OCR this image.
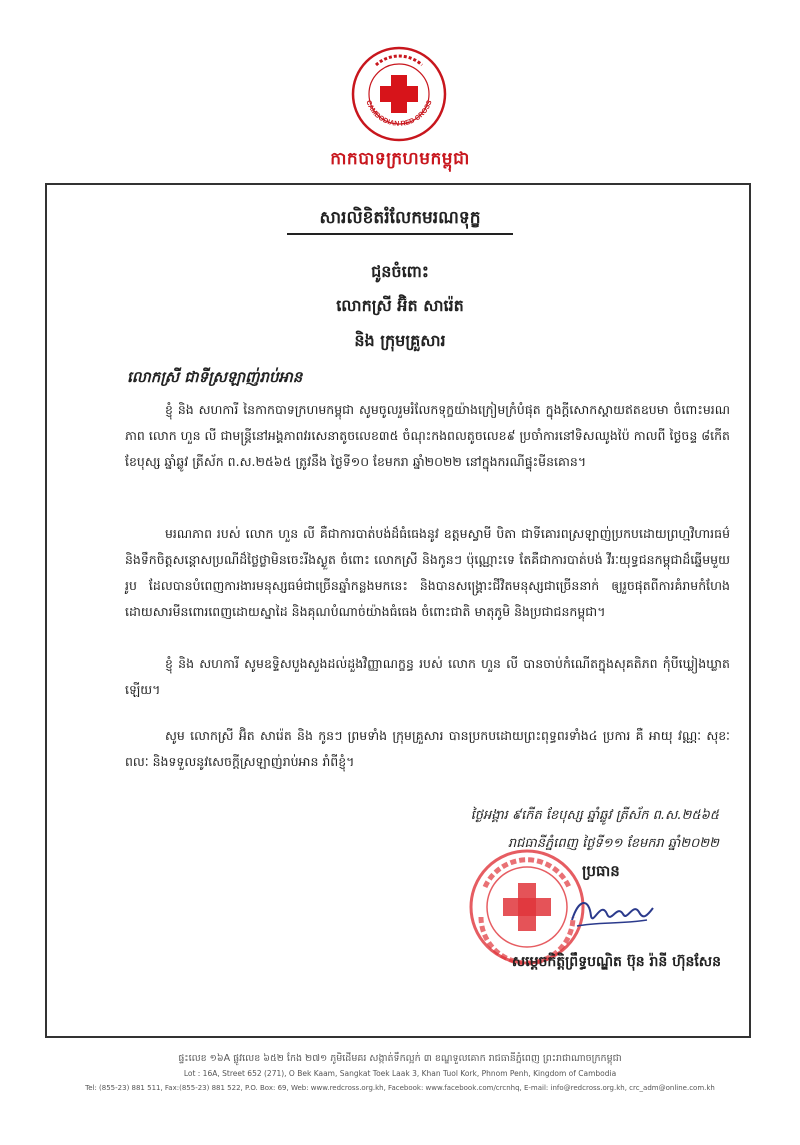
CAMBODIAN RED CROSS
កាកបាទក្រហមកម្ពុជា
សារលិខិតរំលែកមរណទុក្ខ
ជូនចំពោះ
លោកស្រី អ៊ិត សារ៉េត
និង ក្រុមគ្រួសារ
លោកស្រី ជាទីស្រឡាញ់រាប់អាន

ខ្ញុំ និង សហការី នៃកាកបាទក្រហមកម្ពុជា សូមចូលរួមរំលែកទុក្ខយ៉ាងក្រៀមក្រំបំផុត ក្នុងក្តីសោកស្តាយឥតឧបមា ចំពោះមរណភាព លោក ហួន លី ជាមន្ត្រីនៅអង្គភាពវរសេនាតូចលេខ៣៥ ចំណុះកងពលតូចលេខ៩ ប្រចាំការនៅទិសឈូងប៉ៃ កាលពី ថ្ងៃចន្ទ ៨កើត ខែបុស្ស ឆ្នាំឆ្លូវ ត្រីស័ក ព.ស.២៥៦៥ ត្រូវនឹង ថ្ងៃទី១០ ខែមករា ឆ្នាំ២០២២ នៅក្នុងករណីផ្ទុះមីនគោន។

មរណភាព របស់ លោក ហួន លី គឺជាការបាត់បង់ដ៏ធំធេងនូវ ឧត្តមស្វាមី បិតា ជាទីគោរពស្រឡាញ់ប្រកបដោយព្រហ្មវិហារធម៌ និងទឹកចិត្តសន្តោសប្រណីដ៏ថ្លៃថ្លាមិនចេះរីងស្ងួត ចំពោះ លោកស្រី និងកូនៗ ប៉ុណ្ណោះទេ តែគឺជាការបាត់បង់ វីរៈយុទ្ធជនកម្ពុជាដ៏ឆ្នើមមួយរូប ដែលបានបំពេញការងារមនុស្សធម៌ជាច្រើនឆ្នាំកន្លងមកនេះ និងបានសង្គ្រោះជីវិតមនុស្សជាច្រើននាក់ ឲ្យរួចផុតពីការគំរាមកំហែងដោយសារមីនពោរពេញដោយស្នាដៃ និងគុណបំណាច់យ៉ាងធំធេង ចំពោះជាតិ មាតុភូមិ និងប្រជាជនកម្ពុជា។

ខ្ញុំ និង សហការី សូមឧទ្ទិសបួងសួងដល់ដួងវិញ្ញាណក្ខន្ធ របស់ លោក ហួន លី បានចាប់កំណើតក្នុងសុគតិភព កុំបីឃ្លៀងឃ្លាតឡើយ។

សូម លោកស្រី អ៊ិត សារ៉េត និង កូនៗ ព្រមទាំង ក្រុមគ្រួសារ បានប្រកបដោយព្រះពុទ្ធពរទាំង៤ ប្រការ គឺ អាយុ វណ្ណៈ សុខៈ ពលៈ និងទទួលនូវសេចក្តីស្រឡាញ់រាប់អាន រាំពីខ្ញុំ។

ថ្ងៃអង្គារ ៩កើត ខែបុស្ស ឆ្នាំឆ្លូវ ត្រីស័ក ព.ស.២៥៦៥
រាជធានីភ្នំពេញ ថ្ងៃទី១១ ខែមករា ឆ្នាំ២០២២
ប្រធាន
សម្តេចកិត្តិព្រឹទ្ធបណ្ឌិត ប៊ុន រ៉ានី ហ៊ុនសែន

ផ្ទះលេខ ១៦A ផ្លូវលេខ ៦៥២ កែង ២៧១ ភូមិដើមគរ សង្កាត់ទឹកល្អក់ ៣ ខណ្ឌទួលគោក រាជធានីភ្នំពេញ ព្រះរាជាណាចក្រកម្ពុជា

Lot : 16A, Street 652 (271), O Bek Kaam, Sangkat Toek Laak 3, Khan Tuol Kork, Phnom Penh, Kingdom of Cambodia

Tel: (855-23) 881 511, Fax:(855-23) 881 522, P.O. Box: 69, Web: www.redcross.org.kh, Facebook: www.facebook.com/crcnhq, E-mail: info@redcross.org.kh, crc_adm@online.com.kh
